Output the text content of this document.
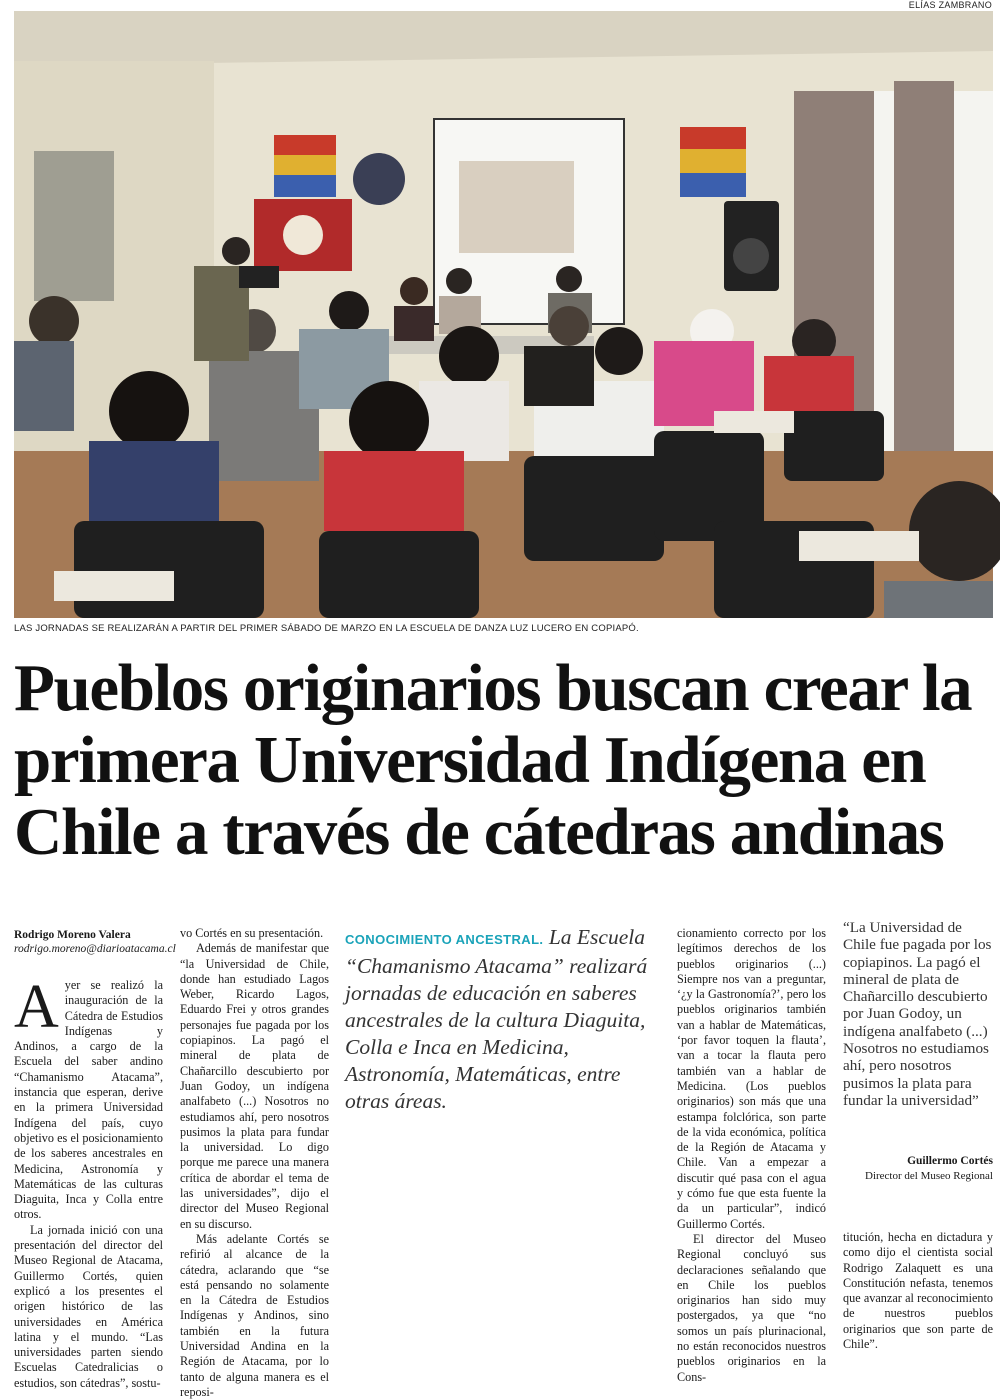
ELÍAS ZAMBRANO
LAS JORNADAS SE REALIZARÁN A PARTIR DEL PRIMER SÁBADO DE MARZO EN LA ESCUELA DE DANZA LUZ LUCERO EN COPIAPÓ.
Pueblos originarios buscan crear la
primera Universidad Indígena en
Chile a través de cátedras andinas
Rodrigo Moreno Valera
rodrigo.moreno@diarioatacama.cl

Ayer se realizó la inauguración de la Cátedra de Estudios Indígenas y Andinos, a cargo de la Escuela del saber andino “Chamanismo Atacama”, instancia que esperan, derive en la primera Universidad Indígena del país, cuyo objetivo es el posicionamiento de los saberes ancestrales en Medicina, Astronomía y Matemáticas de las culturas Diaguita, Inca y Colla entre otros.

La jornada inició con una presentación del director del Museo Regional de Atacama, Guillermo Cortés, quien explicó a los presentes el origen histórico de las universidades en América latina y el mundo. “Las universidades parten siendo Escuelas Catedralicias o estudios, son cátedras”, sostu-

vo Cortés en su presentación.

Además de manifestar que “la Universidad de Chile, donde han estudiado Lagos Weber, Ricardo Lagos, Eduardo Frei y otros grandes personajes fue pagada por los copiapinos. La pagó el mineral de plata de Chañarcillo descubierto por Juan Godoy, un indígena analfabeto (...) Nosotros no estudiamos ahí, pero nosotros pusimos la plata para fundar la universidad. Lo digo porque me parece una manera crítica de abordar el tema de las universidades”, dijo el director del Museo Regional en su discurso.

Más adelante Cortés se refirió al alcance de la cátedra, aclarando que “se está pensando no solamente en la Cátedra de Estudios Indígenas y Andinos, sino también en la futura Universidad Andina en la Región de Atacama, por lo tanto de alguna manera es el reposi-

CONOCIMIENTO ANCESTRAL. La Escuela “Chamanismo Atacama” realizará jornadas de educación en saberes ancestrales de la cultura Diaguita, Colla e Inca en Medicina, Astronomía, Matemáticas, entre otras áreas.

cionamiento correcto por los legítimos derechos de los pueblos originarios (...) Siempre nos van a preguntar, ‘¿y la Gastronomía?’, pero los pueblos originarios también van a hablar de Matemáticas, ‘por favor toquen la flauta’, van a tocar la flauta pero también van a hablar de Medicina. (Los pueblos originarios) son más que una estampa folclórica, son parte de la vida económica, política de la Región de Atacama y Chile. Van a empezar a discutir qué pasa con el agua y cómo fue que esta fuente la da un particular”, indicó Guillermo Cortés.

El director del Museo Regional concluyó sus declaraciones señalando que en Chile los pueblos originarios han sido muy postergados, ya que “no somos un país plurinacional, no están reconocidos nuestros pueblos originarios en la Cons-

“La Universidad de Chile fue pagada por los copiapinos. La pagó el mineral de plata de Chañarcillo descubierto por Juan Godoy, un indígena analfabeto (...) Nosotros no estudiamos ahí, pero nosotros pusimos la plata para fundar la universidad”
Guillermo Cortés
Director del Museo Regional

titución, hecha en dictadura y como dijo el cientista social Rodrigo Zalaquett es una Constitución nefasta, tenemos que avanzar al reconocimiento de nuestros pueblos originarios que son parte de Chile”.
